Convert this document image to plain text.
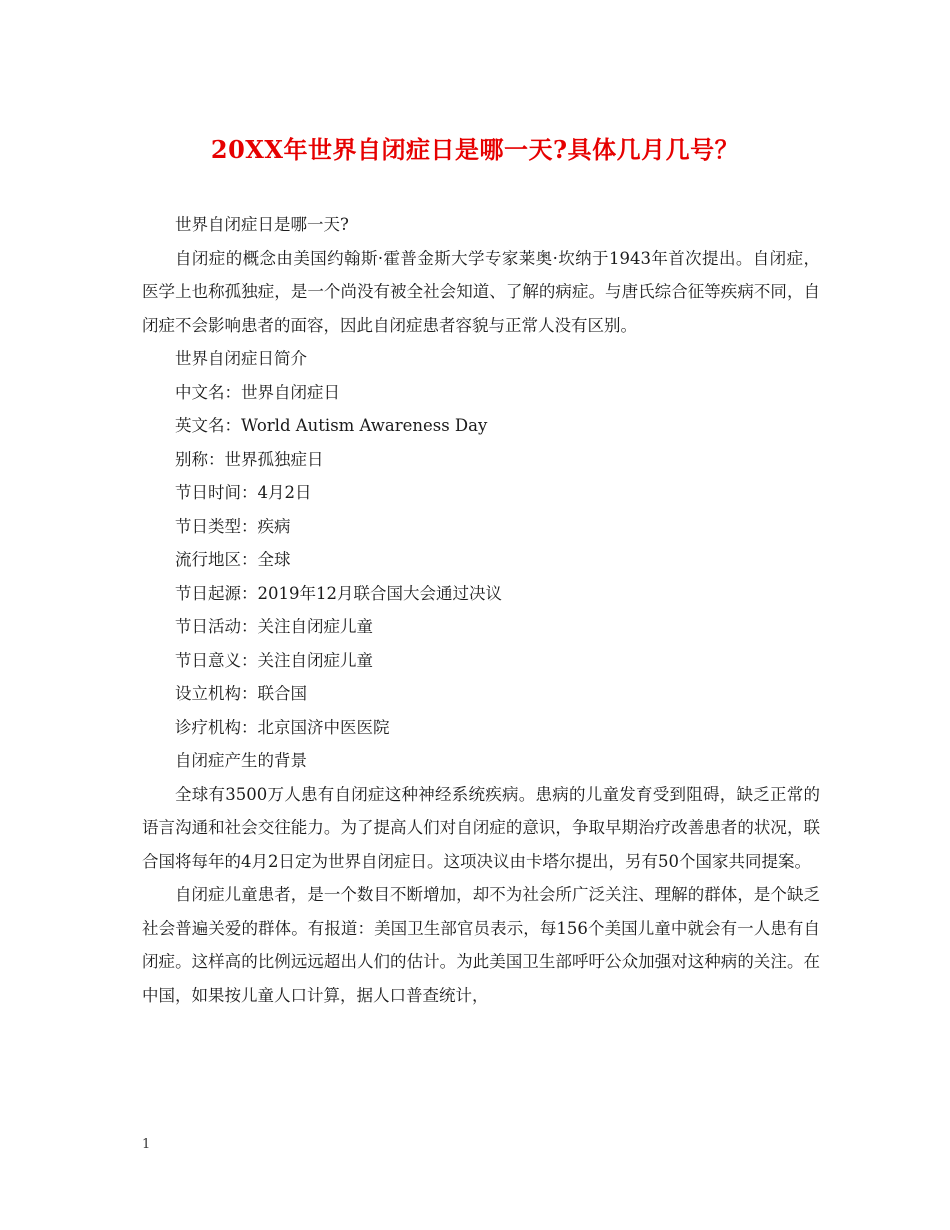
20XX年世界自闭症日是哪一天?具体几月几号？

世界自闭症日是哪一天?

自闭症的概念由美国约翰斯·霍普金斯大学专家莱奥·坎纳于1943年首次提出。自闭症，医学上也称孤独症，是一个尚没有被全社会知道、了解的病症。与唐氏综合征等疾病不同，自闭症不会影响患者的面容，因此自闭症患者容貌与正常人没有区别。

世界自闭症日简介

中文名：世界自闭症日

英文名：World Autism Awareness Day

别称：世界孤独症日

节日时间：4月2日

节日类型：疾病

流行地区：全球

节日起源：2019年12月联合国大会通过决议

节日活动：关注自闭症儿童

节日意义：关注自闭症儿童

设立机构：联合国

诊疗机构：北京国济中医医院

自闭症产生的背景

全球有3500万人患有自闭症这种神经系统疾病。患病的儿童发育受到阻碍，缺乏正常的语言沟通和社会交往能力。为了提高人们对自闭症的意识，争取早期治疗改善患者的状况，联合国将每年的4月2日定为世界自闭症日。这项决议由卡塔尔提出，另有50个国家共同提案。

自闭症儿童患者，是一个数目不断增加，却不为社会所广泛关注、理解的群体，是个缺乏社会普遍关爱的群体。有报道：美国卫生部官员表示，每156个美国儿童中就会有一人患有自闭症。这样高的比例远远超出人们的估计。为此美国卫生部呼吁公众加强对这种病的关注。在中国，如果按儿童人口计算，据人口普查统计，

1
